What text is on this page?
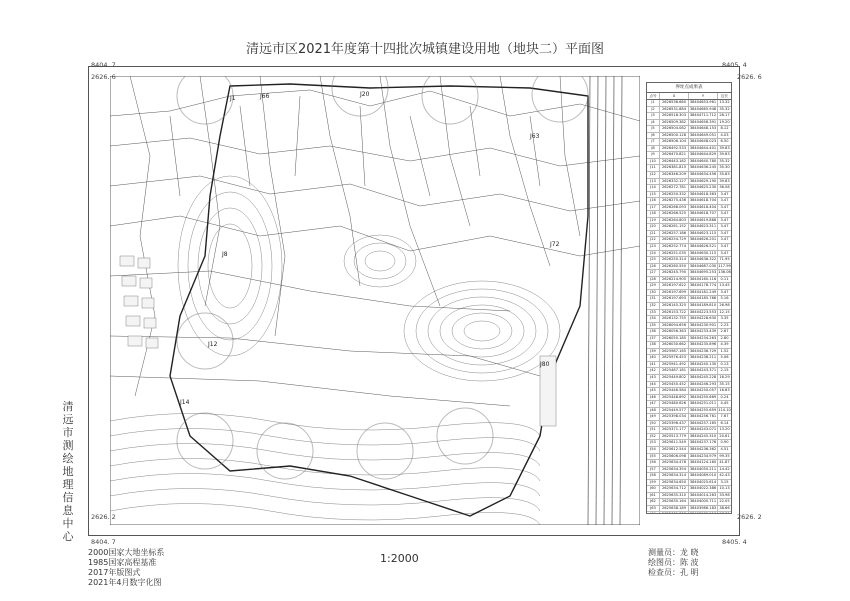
清远市区2021年度第十四批次城镇建设用地（地块二）平面图
J1
J8
J12
J14
J20
J66
J63
J72
J80
界址点成果表
点号	X	Y	边长
J1	2626536.660	38404653.961 13.32
J2	2626531.884	38404665.948 35.32
J3	2626518.303	38404711.712 28.17
J4	2626509.382	38404656.391 19.20
J5	2626504.082	38404648.153	8.12
J6	2626500.128	38404649.051	4.03
J7	2626506.104	38404648.023	6.50
J8	2626492.533	38404644.401 39.83
J9	2626470.821	38404644.829 39.83
J10	2626443.182	38404640.780 35.32
J11	2626381.815	38404636.245 35.30
J12	2626346.209	38404634.456 35.83
J13	2626332.127	38404629.190 39.83
J14	2626272.781	38404625.230 36.08
J15	2626250.332	38404618.363	3.47
J16	2626275.436	38404618.704	3.47
J17	2626268.093	38404618.404	3.47
J18	2626266.525	38404618.707	3.47
J19	2626264.803	38404619.868	3.47
J20	2626261.152	38404623.311	3.47
J21	2626257.186	38404623.115	3.47
J22	2626254.729	38404626.201	3.47
J23	2626252.774	38404626.521	3.47
J24	2626251.035	38404630.115	3.47
J25	2626250.314	38404638.322 71.95
J26	2626260.550	38404687.030 117.99
J27	2626245.790	38404695.253 136.06
J28	2626214.905	38404160.116	0.11
J29	2626197.622	38404178.774 13.45
J30	2626197.699	38404181.249	3.47
J31	2626197.693	38404185.768	5.16
J32	2626145.325	38404189.810 26.98
J33	2626153.722	38404223.553 12.15
J34	2626132.755	38404228.630	3.35
J35	2626094.656	38404230.901	2.23
J36	2626056.363	38404233.439	2.67
J37	2626050.185	38404234.263	2.80
J38	2626030.662	38404235.896	4.39
J39	2625987.165	38404236.729	1.52
J40	2625976.453	38404238.211	5.06
J41	2625941.492	38404240.130	0.13
J42	2625487.181	38404243.371	2.15
J43	2625449.802	38404245.228 16.29
J44	2625450.452	38404246.293 35.15
J45	2625446.584	38404250.057 16.83
J46	2625448.692	38404250.669	0.24
J47	2625480.626	38404251.011	4.45
J48	2625449.577	38404255.659 114.10
J49	2625398.034	38404256.761	7.67
J50	2625396.437	38404257.165	6.14
J51	2625371.177	38404243.071 13.20
J52	2625513.779	38404245.310 20.61
J53	2625611.549	38404237.176	0.90
J54	2625612.544	38404236.362	4.51
J55	2625606.098	38404234.979 99.35
J56	2625634.478	38404124.160 41.87
J57	2625634.354	38404050.211 14.42
J58	2625634.314	38404089.010 42.43
J59	2625634.650	38404025.614	3.15
J60	2625634.712	38404022.386 10.13
J61	2625635.310	38404014.263 33.98
J62	2625635.164	38404000.711 22.05
J63	2625638.189	38403986.183 38.66
8404. 7	8405. 4
2626. 6	2626. 6
2626. 2	2626. 2
8404. 7	8405. 4
清远市测绘地理信息中心
2000国家大地坐标系
1985国家高程基准
2017年版图式
2021年4月数字化图
1:2000	测量员：龙 晓
绘图员：陈 波
检查员：孔 明
